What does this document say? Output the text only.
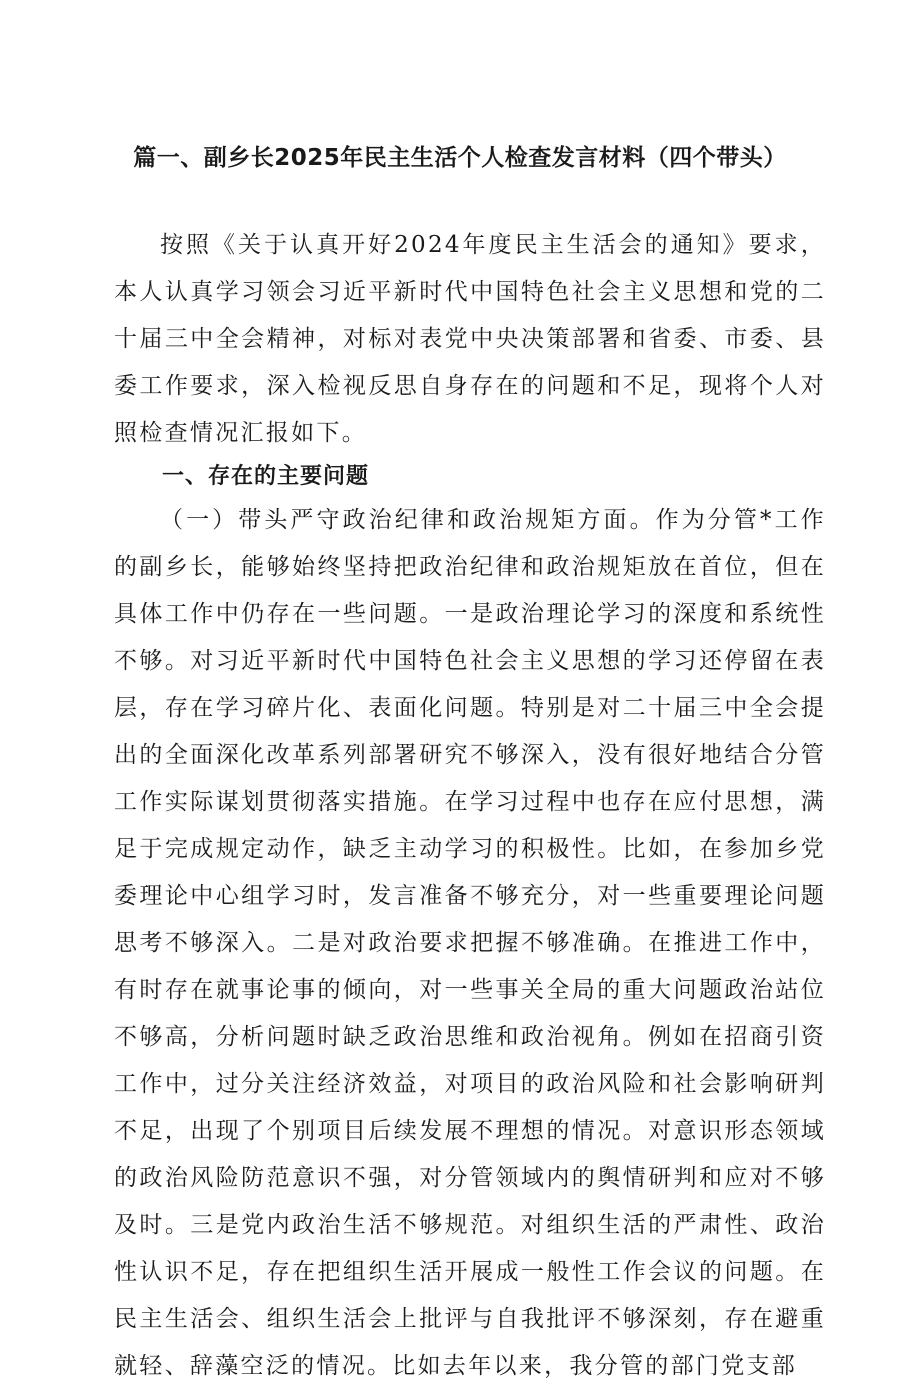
篇一、副乡长2025年民主生活个人检查发言材料（四个带头）

按照《关于认真开好2024年度民主生活会的通知》要求，本人认真学习领会习近平新时代中国特色社会主义思想和党的二十届三中全会精神，对标对表党中央决策部署和省委、市委、县委工作要求，深入检视反思自身存在的问题和不足，现将个人对照检查情况汇报如下。

一、存在的主要问题

（一）带头严守政治纪律和政治规矩方面。作为分管*工作的副乡长，能够始终坚持把政治纪律和政治规矩放在首位，但在具体工作中仍存在一些问题。一是政治理论学习的深度和系统性不够。对习近平新时代中国特色社会主义思想的学习还停留在表层，存在学习碎片化、表面化问题。特别是对二十届三中全会提出的全面深化改革系列部署研究不够深入，没有很好地结合分管工作实际谋划贯彻落实措施。在学习过程中也存在应付思想，满足于完成规定动作，缺乏主动学习的积极性。比如，在参加乡党委理论中心组学习时，发言准备不够充分，对一些重要理论问题思考不够深入。二是对政治要求把握不够准确。在推进工作中，有时存在就事论事的倾向，对一些事关全局的重大问题政治站位不够高，分析问题时缺乏政治思维和政治视角。例如在招商引资工作中，过分关注经济效益，对项目的政治风险和社会影响研判不足，出现了个别项目后续发展不理想的情况。对意识形态领域的政治风险防范意识不强，对分管领域内的舆情研判和应对不够及时。三是党内政治生活不够规范。对组织生活的严肃性、政治性认识不足，存在把组织生活开展成一般性工作会议的问题。在民主生活会、组织生活会上批评与自我批评不够深刻，存在避重就轻、辞藻空泛的情况。比如去年以来，我分管的部门党支部
